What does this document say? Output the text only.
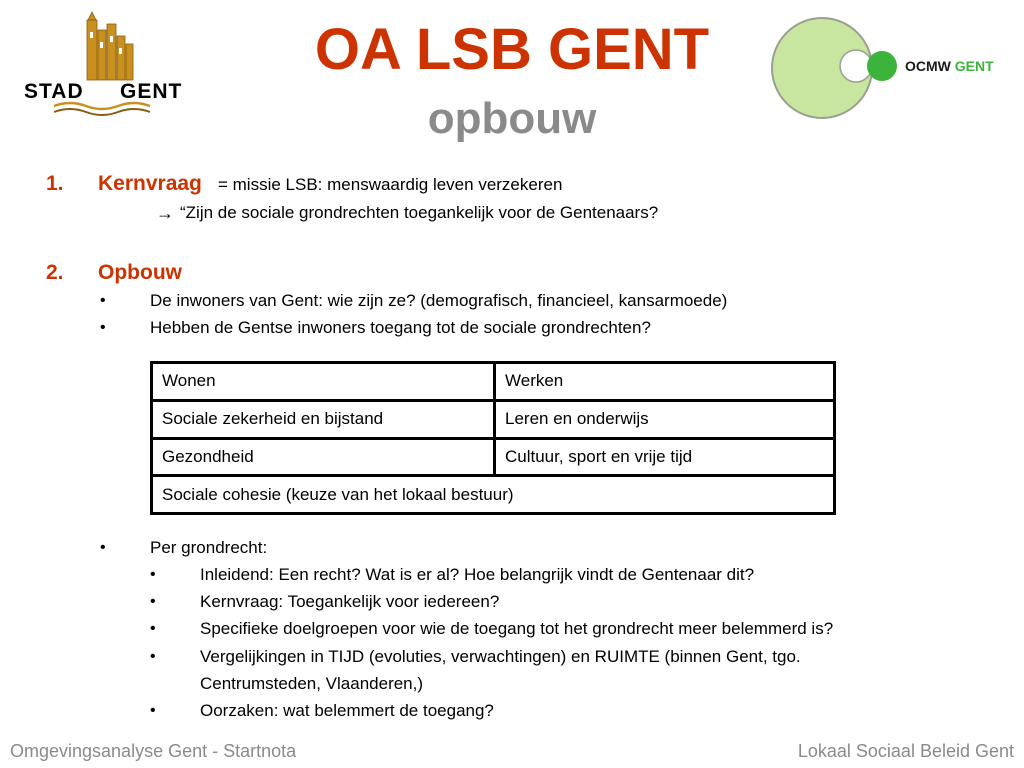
STAD GENT
OA LSB GENT
opbouw
OCMW GENT
1. Kernvraag = missie LSB: menswaardig leven verzekeren
→ “Zijn de sociale grondrechten toegankelijk voor de Gentenaars?
2. Opbouw
•	De inwoners van Gent: wie zijn ze? (demografisch, financieel, kansarmoede)
•	Hebben de Gentse inwoners toegang tot de sociale grondrechten?
Wonen	Werken
Sociale zekerheid en bijstand	Leren en onderwijs
Gezondheid	Cultuur, sport en vrije tijd
Sociale cohesie (keuze van het lokaal bestuur)	
•	Per grondrecht:
•	Inleidend: Een recht? Wat is er al? Hoe belangrijk vindt de Gentenaar dit?
•	Kernvraag: Toegankelijk voor iedereen?
•	Specifieke doelgroepen voor wie de toegang tot het grondrecht meer belemmerd is?
•	Vergelijkingen in TIJD (evoluties, verwachtingen) en RUIMTE (binnen Gent, tgo.
Centrumsteden, Vlaanderen,)
•	Oorzaken: wat belemmert de toegang?
Omgevingsanalyse Gent - Startnota	Lokaal Sociaal Beleid Gent
